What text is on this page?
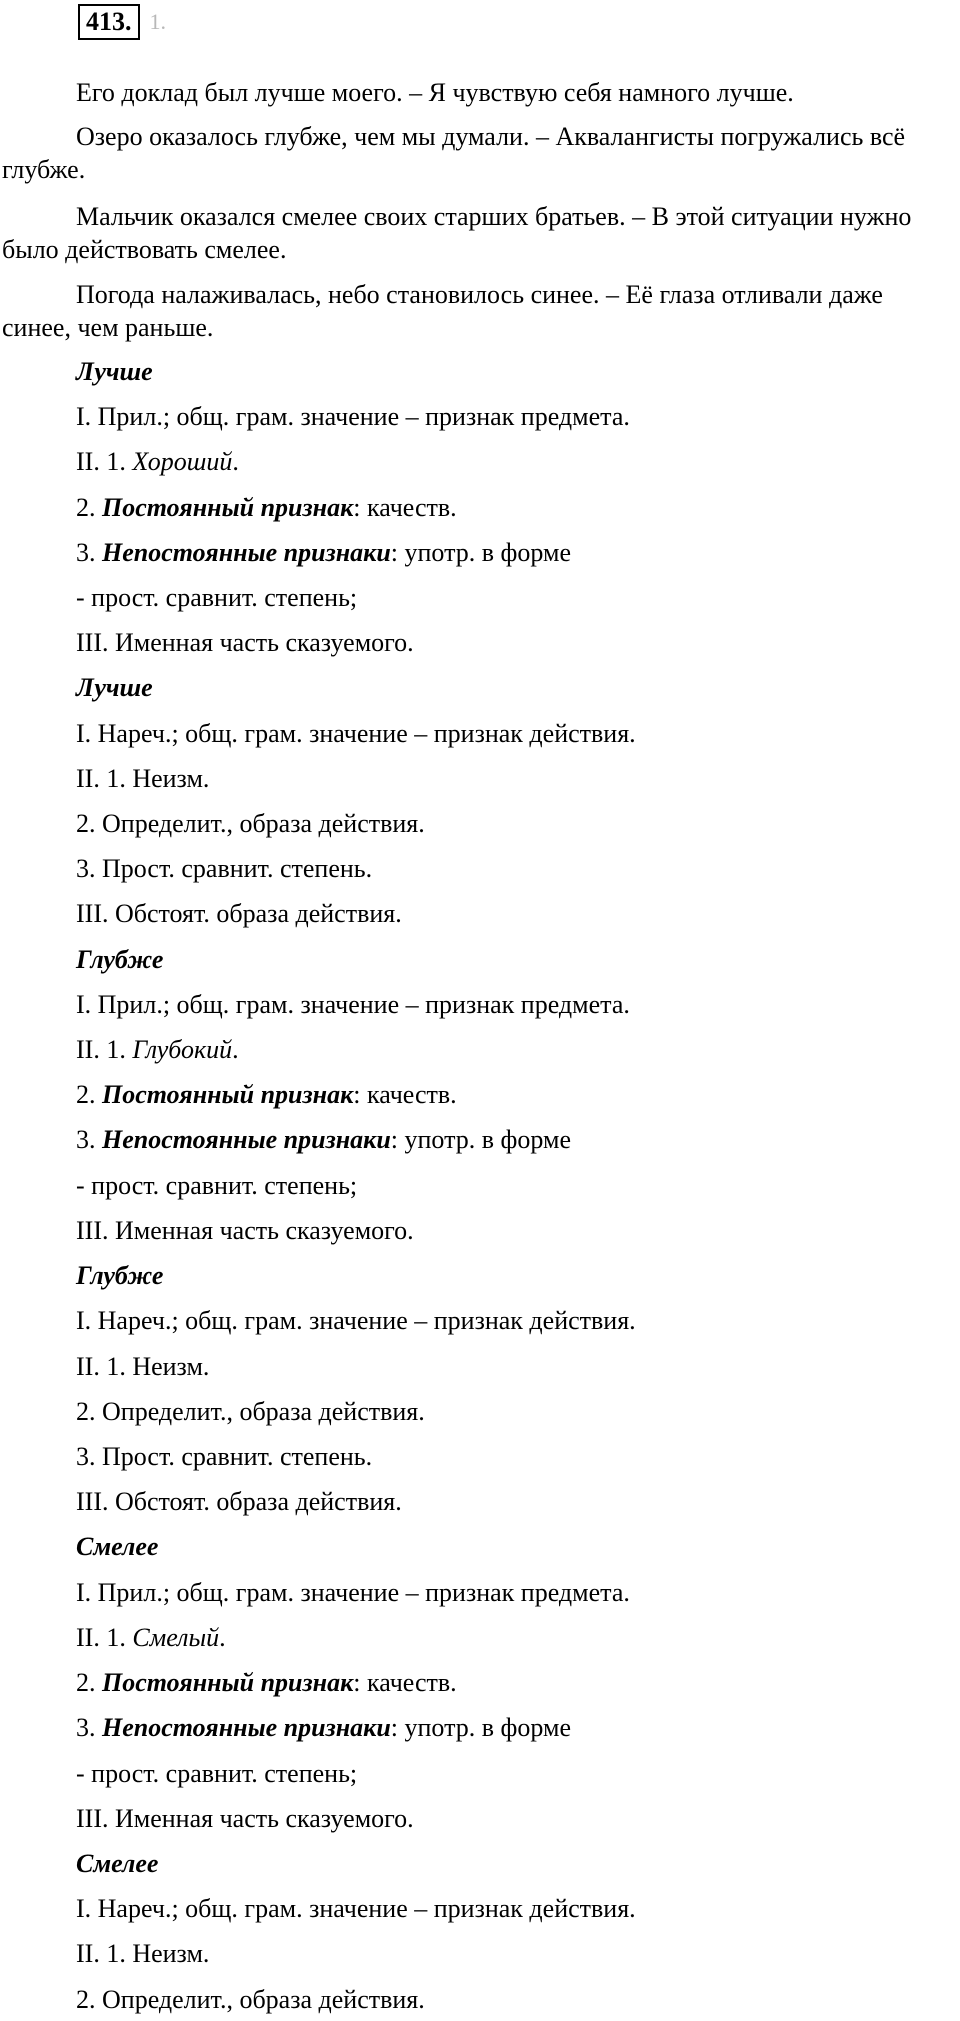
413. 1.

Его доклад был лучше моего. – Я чувствую себя намного лучше.

Озеро оказалось глубже, чем мы думали. – Аквалангисты погружались всё глубже.

Мальчик оказался смелее своих старших братьев. – В этой ситуации нужно было действовать смелее.

Погода налаживалась, небо становилось синее. – Её глаза отливали даже синее, чем раньше.

Лучше

I. Прил.; общ. грам. значение – признак предмета.

II. 1. Хороший.

2. Постоянный признак: качеств.

3. Непостоянные признаки: употр. в форме

- прост. сравнит. степень;

III. Именная часть сказуемого.

Лучше

I. Нареч.; общ. грам. значение – признак действия.

II. 1. Неизм.

2. Определит., образа действия.

3. Прост. сравнит. степень.

III. Обстоят. образа действия.

Глубже

I. Прил.; общ. грам. значение – признак предмета.

II. 1. Глубокий.

2. Постоянный признак: качеств.

3. Непостоянные признаки: употр. в форме

- прост. сравнит. степень;

III. Именная часть сказуемого.

Глубже

I. Нареч.; общ. грам. значение – признак действия.

II. 1. Неизм.

2. Определит., образа действия.

3. Прост. сравнит. степень.

III. Обстоят. образа действия.

Смелее

I. Прил.; общ. грам. значение – признак предмета.

II. 1. Смелый.

2. Постоянный признак: качеств.

3. Непостоянные признаки: употр. в форме

- прост. сравнит. степень;

III. Именная часть сказуемого.

Смелее

I. Нареч.; общ. грам. значение – признак действия.

II. 1. Неизм.

2. Определит., образа действия.
